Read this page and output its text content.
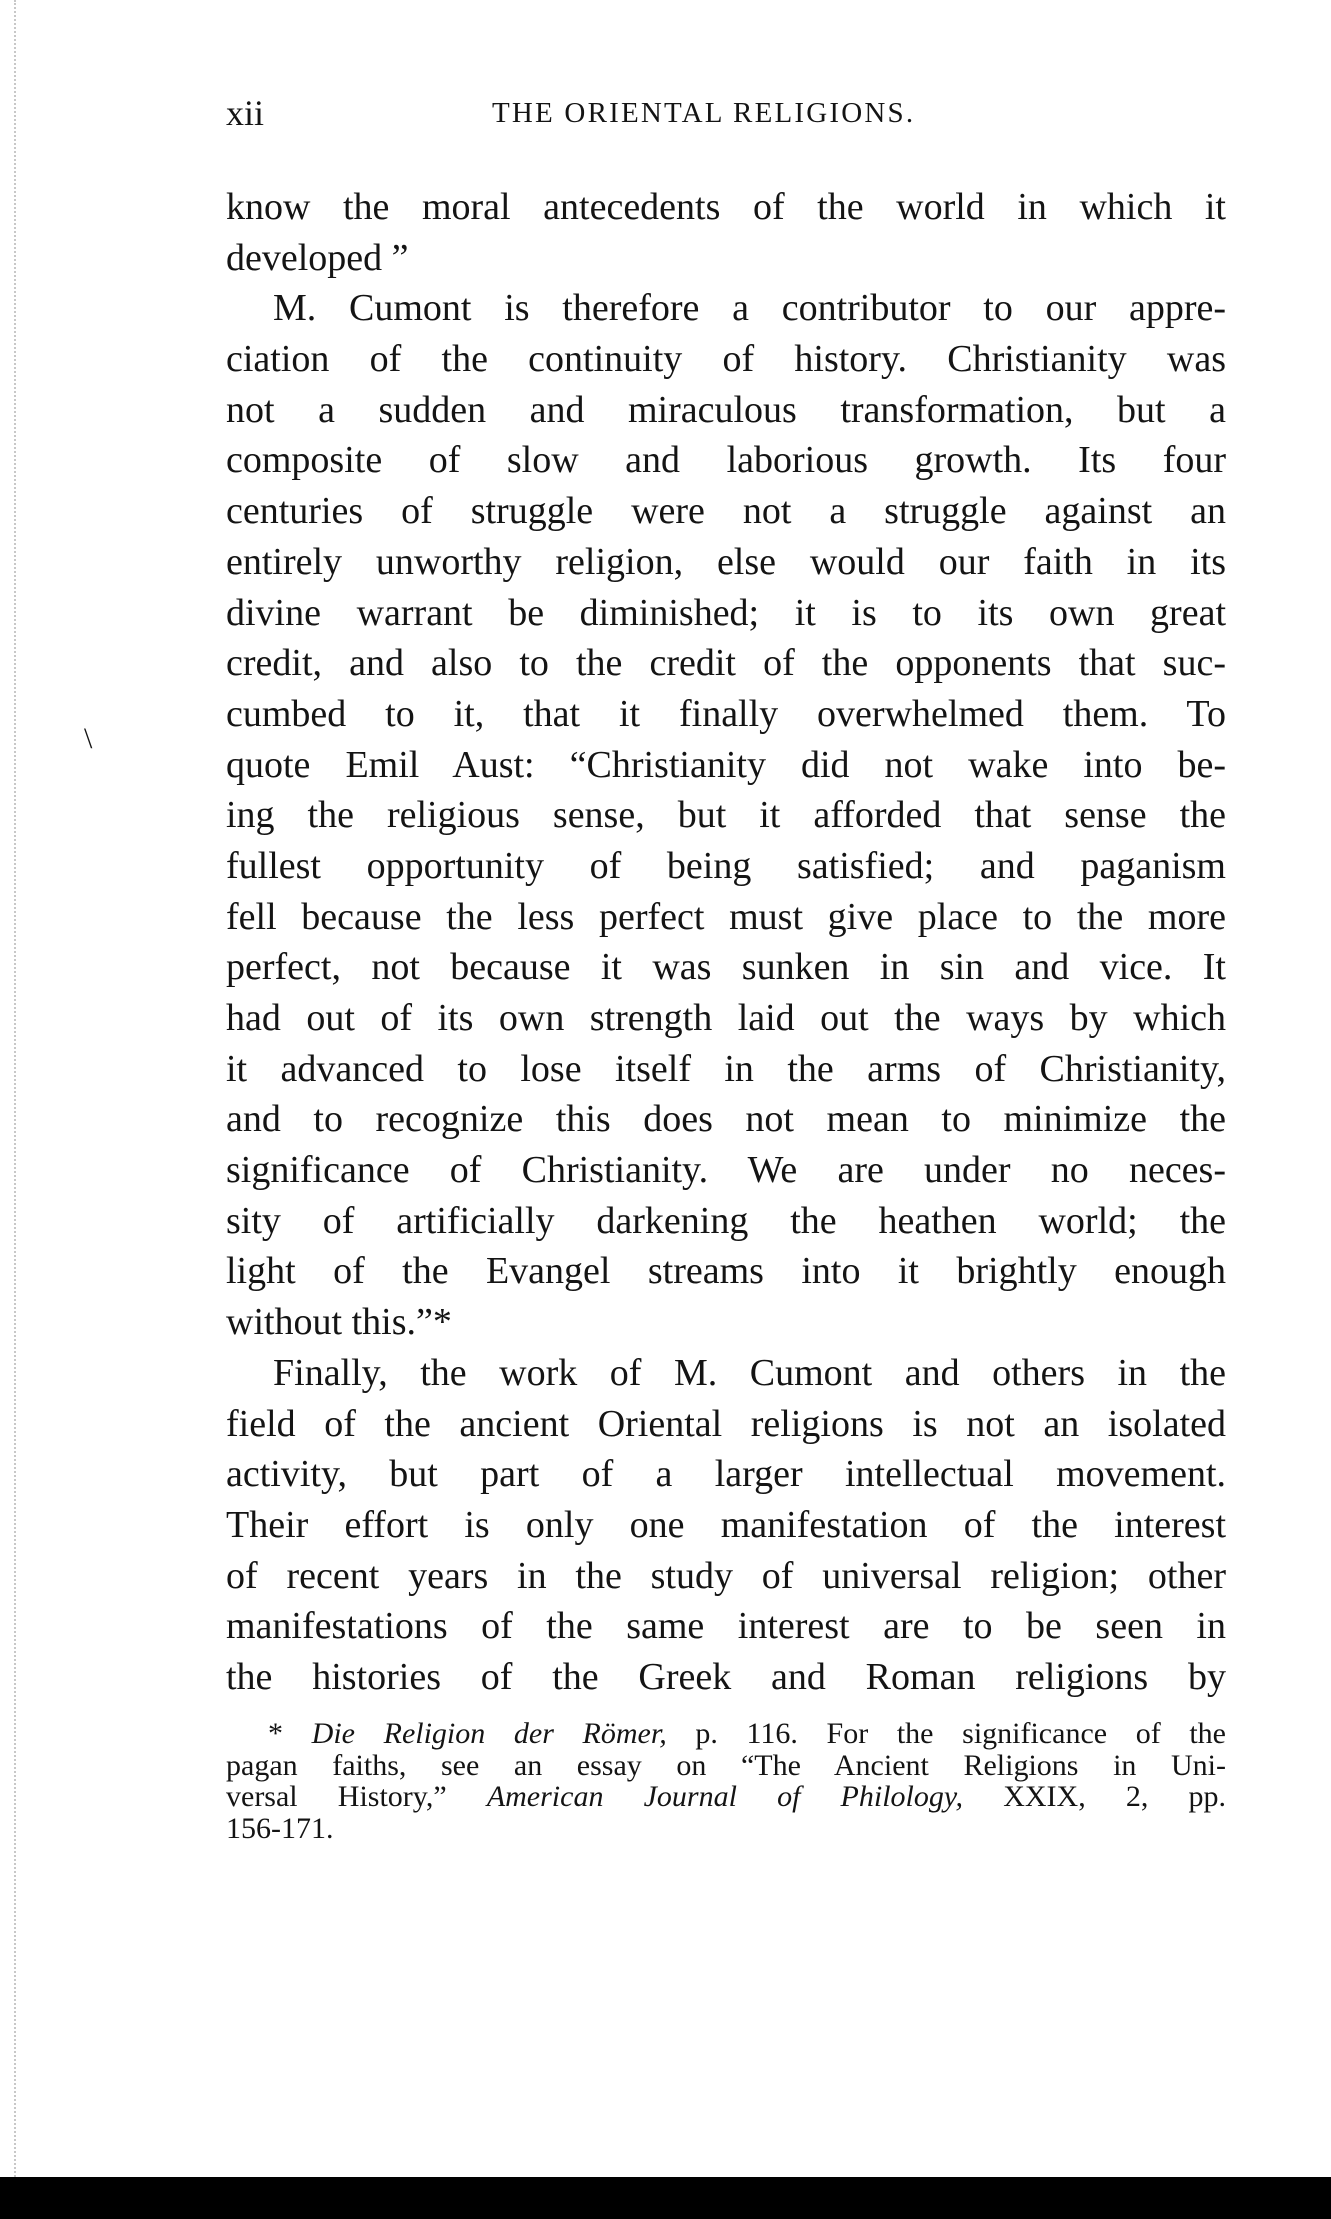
xii	THE ORIENTAL RELIGIONS.
\
know the moral antecedents of the world in which it
developed ”
M. Cumont is therefore a contributor to our appre-
ciation of the continuity of history. Christianity was
not a sudden and miraculous transformation, but a
composite of slow and laborious growth. Its four
centuries of struggle were not a struggle against an
entirely unworthy religion, else would our faith in its
divine warrant be diminished; it is to its own great
credit, and also to the credit of the opponents that suc-
cumbed to it, that it finally overwhelmed them. To
quote Emil Aust: “Christianity did not wake into be-
ing the religious sense, but it afforded that sense the
fullest opportunity of being satisfied; and paganism
fell because the less perfect must give place to the more
perfect, not because it was sunken in sin and vice. It
had out of its own strength laid out the ways by which
it advanced to lose itself in the arms of Christianity,
and to recognize this does not mean to minimize the
significance of Christianity. We are under no neces-
sity of artificially darkening the heathen world; the
light of the Evangel streams into it brightly enough
without this.”*
Finally, the work of M. Cumont and others in the
field of the ancient Oriental religions is not an isolated
activity, but part of a larger intellectual movement.
Their effort is only one manifestation of the interest
of recent years in the study of universal religion; other
manifestations of the same interest are to be seen in
the histories of the Greek and Roman religions by
* Die Religion der Römer, p. 116. For the significance of the
pagan faiths, see an essay on “The Ancient Religions in Uni-
versal History,” American Journal of Philology, XXIX, 2, pp.
156-171.
